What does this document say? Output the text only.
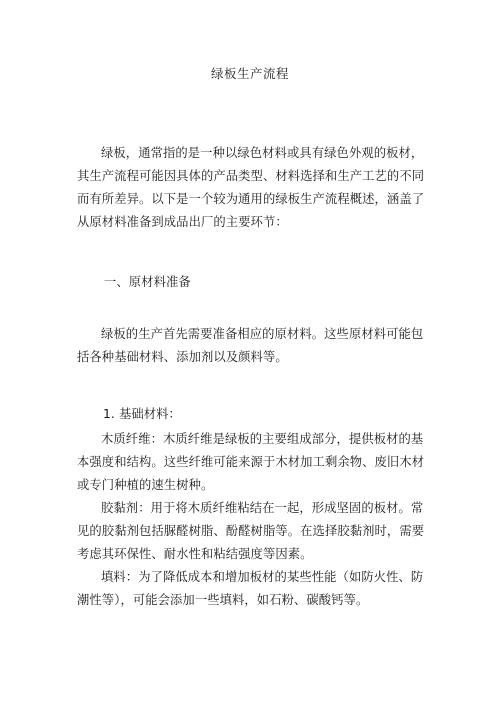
绿板生产流程

绿板，通常指的是一种以绿色材料或具有绿色外观的板材，其生产流程可能因具体的产品类型、材料选择和生产工艺的不同而有所差异。以下是一个较为通用的绿板生产流程概述，涵盖了从原材料准备到成品出厂的主要环节：

一、原材料准备

绿板的生产首先需要准备相应的原材料。这些原材料可能包括各种基础材料、添加剂以及颜料等。

1. 基础材料：

木质纤维：木质纤维是绿板的主要组成部分，提供板材的基本强度和结构。这些纤维可能来源于木材加工剩余物、废旧木材或专门种植的速生树种。

胶黏剂：用于将木质纤维粘结在一起，形成坚固的板材。常见的胶黏剂包括脲醛树脂、酚醛树脂等。在选择胶黏剂时，需要考虑其环保性、耐水性和粘结强度等因素。

填料：为了降低成本和增加板材的某些性能（如防火性、防潮性等），可能会添加一些填料，如石粉、碳酸钙等。
